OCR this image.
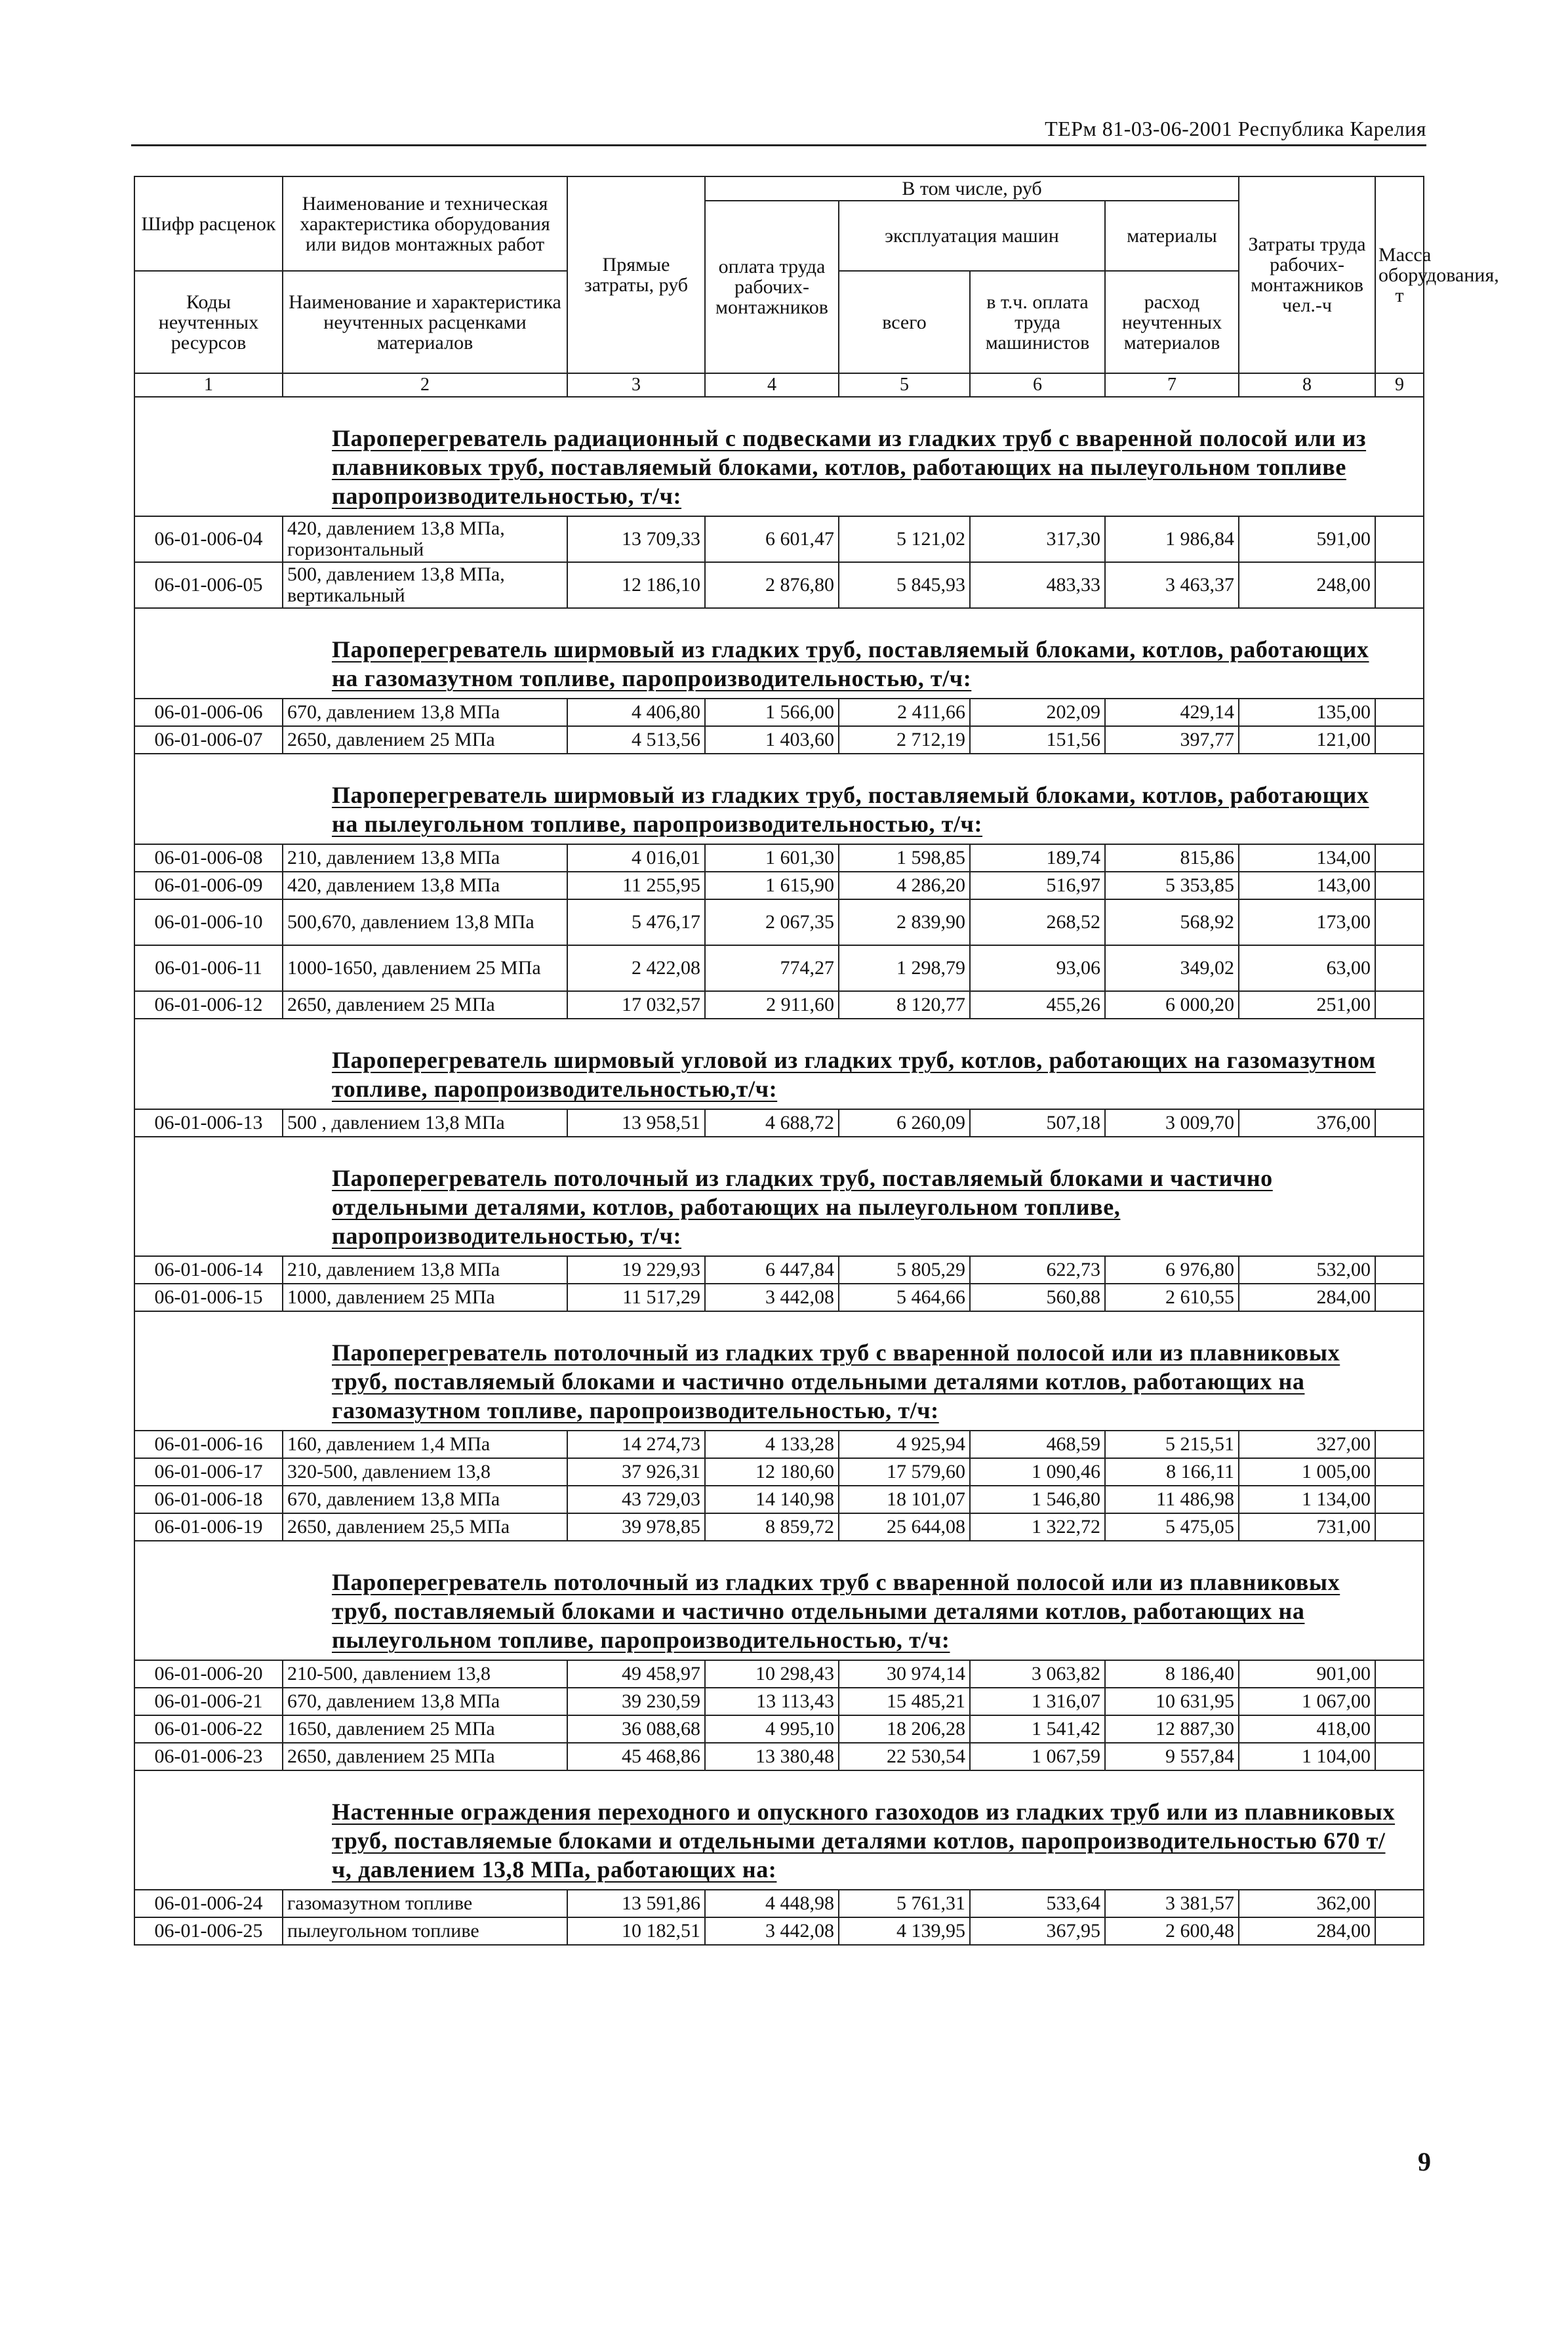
ТЕРм 81-03-06-2001 Республика Карелия
Шифр расценок	Наименование и техническая характеристика оборудования или видов монтажных работ	Прямые затраты, руб	В том числе, руб				Затраты труда рабочих-монтажников чел.-ч	Масса оборудования, т
			оплата труда рабочих-монтажников	эксплуатация машин		материалы		
Коды неучтенных ресурсов	Наименование и характеристика неучтенных расценками материалов			всего	в т.ч. оплата труда машинистов	расход неучтенных материалов		

1	2	3	4	5	6	7	8	9
Пароперегреватель радиационный с подвесками из гладких труб с вваренной полосой или из плавниковых труб, поставляемый блоками, котлов, работающих на пылеугольном топливе паропроизводительностью, т/ч:								
06-01-006-04	420, давлением 13,8 МПа, горизонтальный	13 709,33	6 601,47	5 121,02	317,30	1 986,84	591,00	
06-01-006-05	500, давлением 13,8 МПа, вертикальный	12 186,10	2 876,80	5 845,93	483,33	3 463,37	248,00	
Пароперегреватель ширмовый из гладких труб, поставляемый блоками, котлов, работающих на газомазутном топливе, паропроизводительностью, т/ч:								
06-01-006-06	670, давлением 13,8 МПа	4 406,80	1 566,00	2 411,66	202,09	429,14	135,00	
06-01-006-07	2650, давлением 25 МПа	4 513,56	1 403,60	2 712,19	151,56	397,77	121,00	
Пароперегреватель ширмовый из гладких труб, поставляемый блоками, котлов, работающих на пылеугольном топливе, паропроизводительностью, т/ч:								
06-01-006-08	210, давлением 13,8 МПа	4 016,01	1 601,30	1 598,85	189,74	815,86	134,00	
06-01-006-09	420, давлением 13,8 МПа	11 255,95	1 615,90	4 286,20	516,97	5 353,85	143,00	
06-01-006-10	500,670, давлением 13,8 МПа	5 476,17	2 067,35	2 839,90	268,52	568,92	173,00	
06-01-006-11	1000-1650, давлением 25 МПа	2 422,08	774,27	1 298,79	93,06	349,02	63,00	
06-01-006-12	2650, давлением 25 МПа	17 032,57	2 911,60	8 120,77	455,26	6 000,20	251,00	
Пароперегреватель ширмовый угловой из гладких труб, котлов, работающих на газомазутном топливе, паропроизводительностью,т/ч:								
06-01-006-13	500 , давлением 13,8 МПа	13 958,51	4 688,72	6 260,09	507,18	3 009,70	376,00	
Пароперегреватель потолочный из гладких труб, поставляемый блоками и частично отдельными деталями, котлов, работающих на пылеугольном топливе, паропроизводительностью, т/ч:								
06-01-006-14	210, давлением 13,8 МПа	19 229,93	6 447,84	5 805,29	622,73	6 976,80	532,00	
06-01-006-15	1000, давлением 25 МПа	11 517,29	3 442,08	5 464,66	560,88	2 610,55	284,00	
Пароперегреватель потолочный из гладких труб с вваренной полосой или из плавниковых труб, поставляемый блоками и частично отдельными деталями котлов, работающих на газомазутном топливе, паропроизводительностью, т/ч:								
06-01-006-16	160, давлением 1,4 МПа	14 274,73	4 133,28	4 925,94	468,59	5 215,51	327,00	
06-01-006-17	320-500, давлением 13,8	37 926,31	12 180,60	17 579,60	1 090,46	8 166,11	1 005,00	
06-01-006-18	670, давлением 13,8 МПа	43 729,03	14 140,98	18 101,07	1 546,80	11 486,98	1 134,00	
06-01-006-19	2650, давлением 25,5 МПа	39 978,85	8 859,72	25 644,08	1 322,72	5 475,05	731,00	
Пароперегреватель потолочный из гладких труб с вваренной полосой или из плавниковых труб, поставляемый блоками и частично отдельными деталями котлов, работающих на пылеугольном топливе, паропроизводительностью, т/ч:								
06-01-006-20	210-500, давлением 13,8	49 458,97	10 298,43	30 974,14	3 063,82	8 186,40	901,00	
06-01-006-21	670, давлением 13,8 МПа	39 230,59	13 113,43	15 485,21	1 316,07	10 631,95	1 067,00	
06-01-006-22	1650, давлением 25 МПа	36 088,68	4 995,10	18 206,28	1 541,42	12 887,30	418,00	
06-01-006-23	2650, давлением 25 МПа	45 468,86	13 380,48	22 530,54	1 067,59	9 557,84	1 104,00	
Настенные ограждения переходного и опускного газоходов из гладких труб или из плавниковых труб, поставляемые блоками и отдельными деталями котлов, паропроизводительностью 670 т/ч, давлением 13,8 МПа, работающих на:								
06-01-006-24	газомазутном топливе	13 591,86	4 448,98	5 761,31	533,64	3 381,57	362,00	
06-01-006-25	пылеугольном топливе	10 182,51	3 442,08	4 139,95	367,95	2 600,48	284,00	

9
